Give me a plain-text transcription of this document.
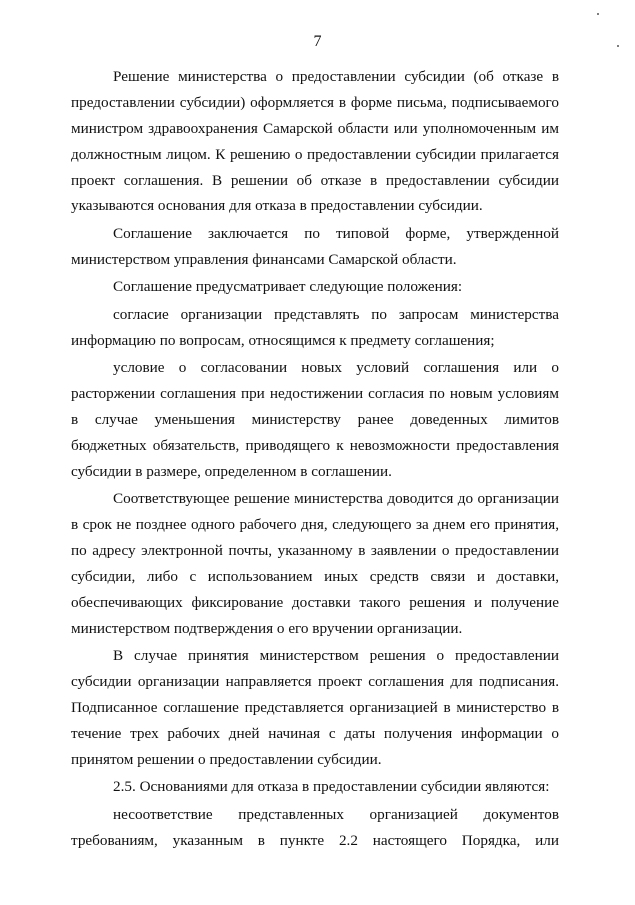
7
Решение министерства о предоставлении субсидии (об отказе в
предоставлении субсидии) оформляется в форме письма, подписываемого
министром здравоохранения Самарской области или уполномоченным им
должностным лицом. К решению о предоставлении субсидии прилагается
проект соглашения. В решении об отказе в предоставлении субсидии
указываются основания для отказа в предоставлении субсидии.
Соглашение заключается по типовой форме, утвержденной
министерством управления финансами Самарской области.
Соглашение предусматривает следующие положения:
согласие организации представлять по запросам министерства
информацию по вопросам, относящимся к предмету соглашения;
условие о согласовании новых условий соглашения или о
расторжении соглашения при недостижении согласия по новым условиям
в случае уменьшения министерству ранее доведенных лимитов
бюджетных обязательств, приводящего к невозможности предоставления
субсидии в размере, определенном в соглашении.
Соответствующее решение министерства доводится до организации
в срок не позднее одного рабочего дня, следующего за днем его принятия,
по адресу электронной почты, указанному в заявлении о предоставлении
субсидии, либо с использованием иных средств связи и доставки,
обеспечивающих фиксирование доставки такого решения и получение
министерством подтверждения о его вручении организации.
В случае принятия министерством решения о предоставлении
субсидии организации направляется проект соглашения для подписания.
Подписанное соглашение представляется организацией в министерство в
течение трех рабочих дней начиная с даты получения информации о
принятом решении о предоставлении субсидии.
2.5. Основаниями для отказа в предоставлении субсидии являются:
несоответствие представленных организацией документов
требованиям, указанным в пункте 2.2 настоящего Порядка, или
